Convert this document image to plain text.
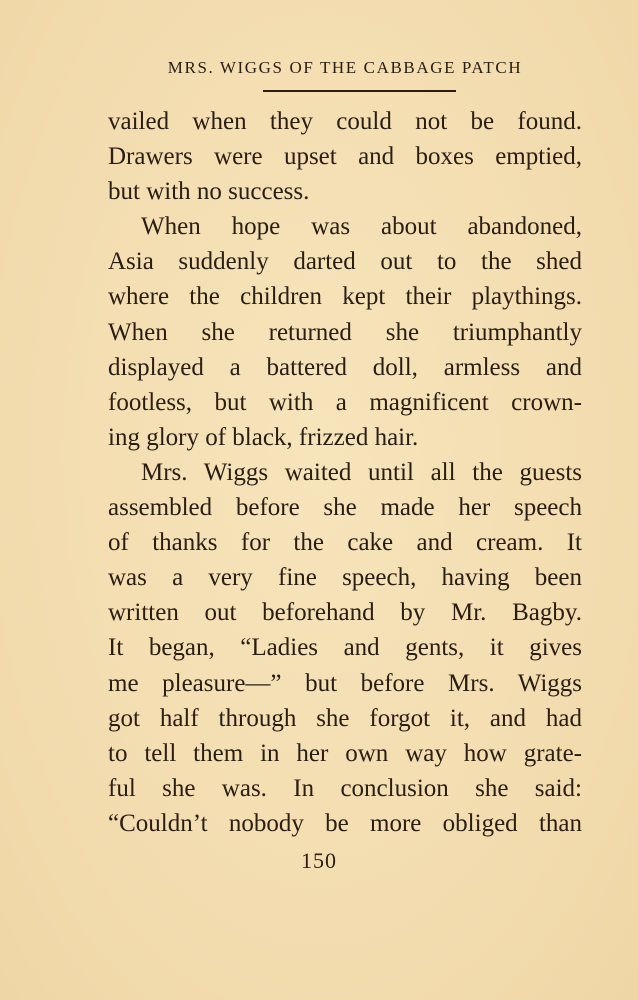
MRS. WIGGS OF THE CABBAGE PATCH
vailed when they could not be found.
Drawers were upset and boxes emptied,
but with no success.
When hope was about abandoned,
Asia suddenly darted out to the shed
where the children kept their playthings.
When she returned she triumphantly
displayed a battered doll, armless and
footless, but with a magnificent crown-
ing glory of black, frizzed hair.
Mrs. Wiggs waited until all the guests
assembled before she made her speech
of thanks for the cake and cream. It
was a very fine speech, having been
written out beforehand by Mr. Bagby.
It began, “Ladies and gents, it gives
me pleasure—” but before Mrs. Wiggs
got half through she forgot it, and had
to tell them in her own way how grate-
ful she was. In conclusion she said:
“Couldn’t nobody be more obliged than
150
